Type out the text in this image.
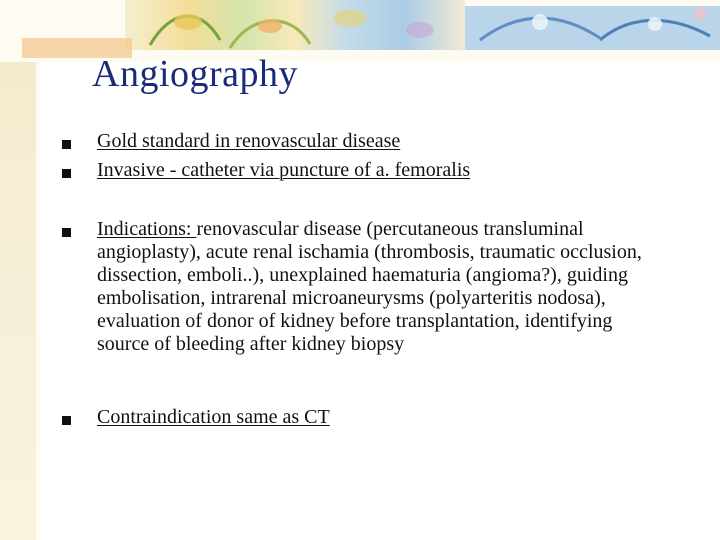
Angiography
Gold standard in renovascular disease
Invasive - catheter via puncture of a. femoralis
Indications: renovascular disease (percutaneous transluminal angioplasty), acute renal ischamia (thrombosis, traumatic occlusion, dissection, emboli..), unexplained haematuria (angioma?), guiding embolisation, intrarenal microaneurysms (polyarteritis nodosa), evaluation of donor of kidney before transplantation, identifying source of bleeding after kidney biopsy
Contraindication same as CT
